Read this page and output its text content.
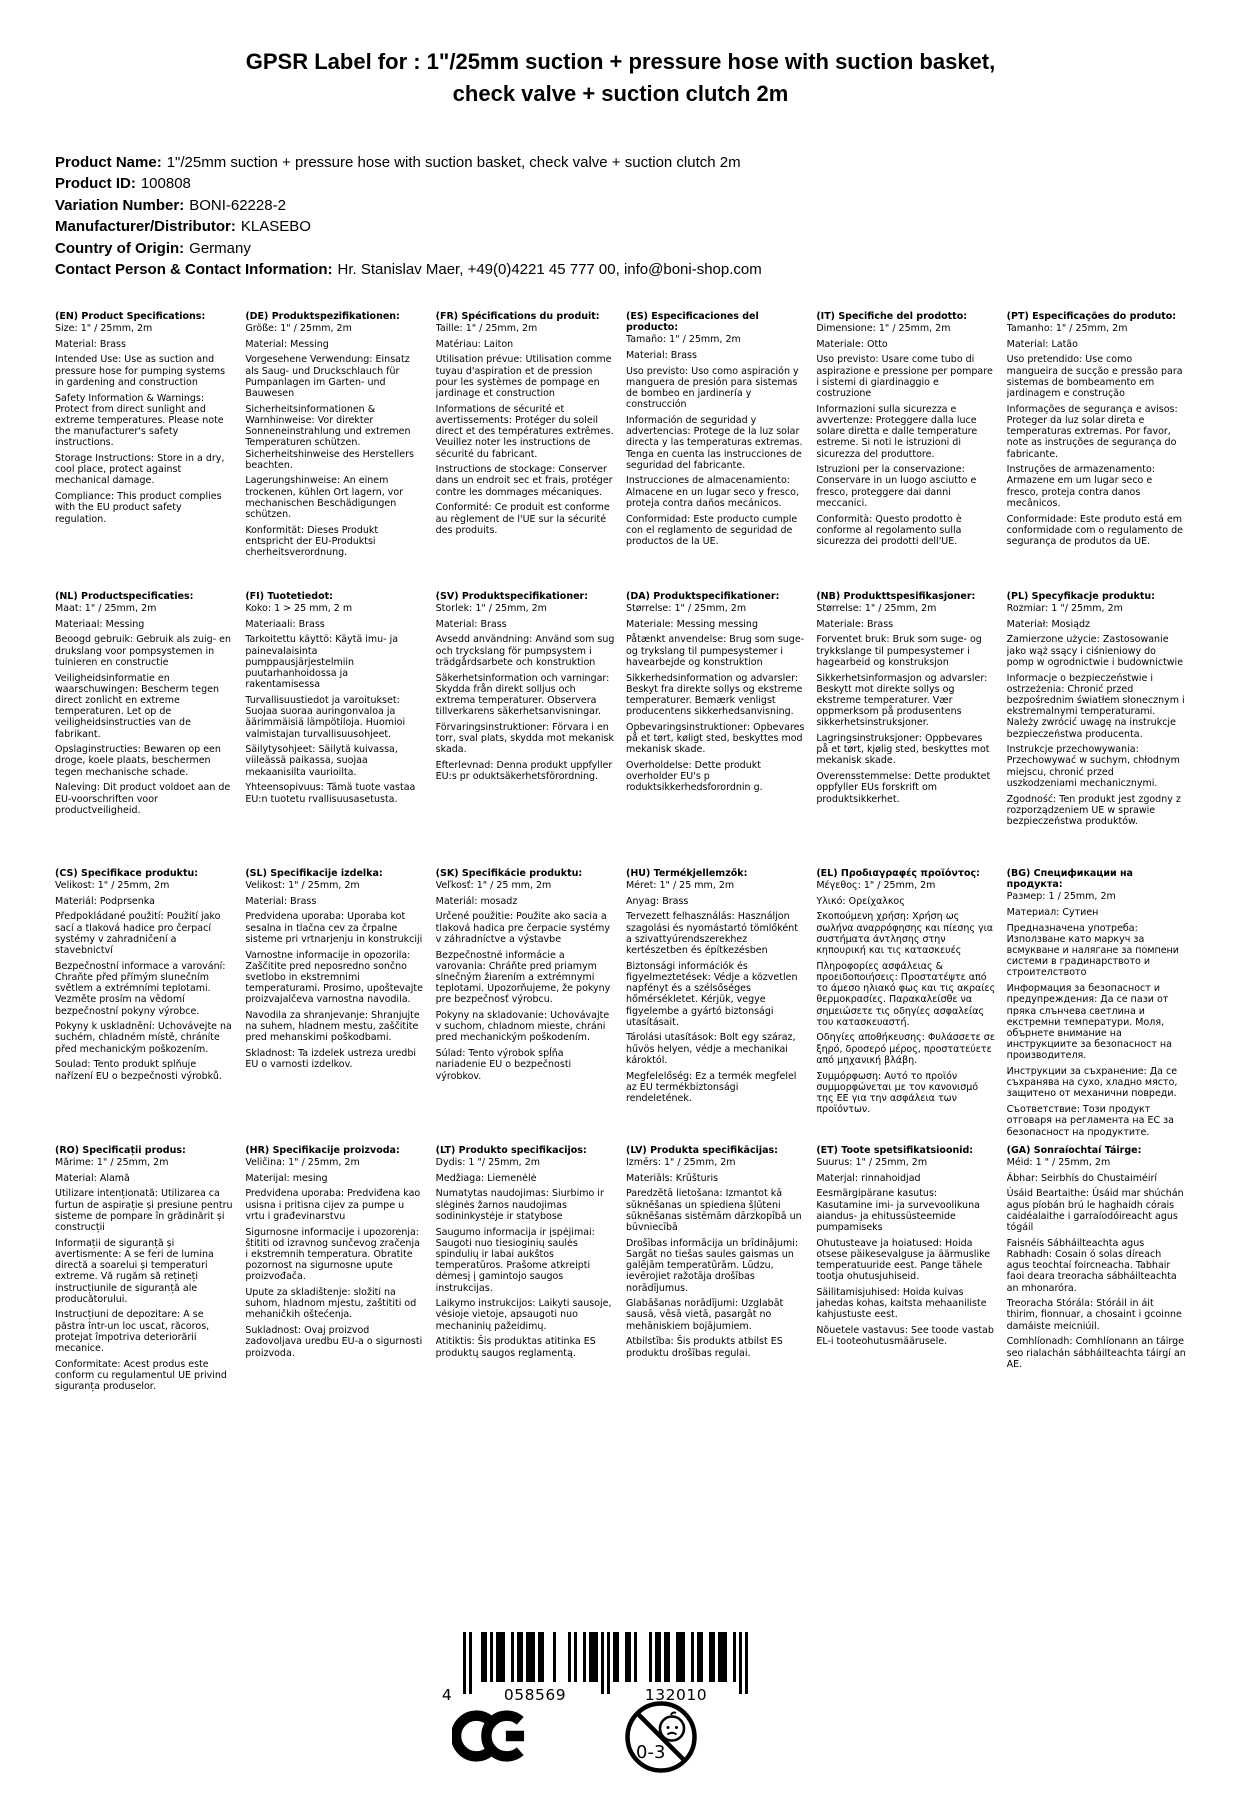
GPSR Label for : 1"/25mm suction + pressure hose with suction basket, check valve + suction clutch 2m
Product Name: 1"/25mm suction + pressure hose with suction basket, check valve + suction clutch 2m
Product ID: 100808
Variation Number: BONI-62228-2
Manufacturer/Distributor: KLASEBO
Country of Origin: Germany
Contact Person & Contact Information: Hr. Stanislav Maer, +49(0)4221 45 777 00, info@boni-shop.com
(EN) Product Specifications:

Size: 1" / 25mm, 2m

Material: Brass

Intended Use: Use as suction and pressure hose for pumping systems in gardening and construction

Safety Information & Warnings: Protect from direct sunlight and extreme temperatures. Please note the manufacturer's safety instructions.

Storage Instructions: Store in a dry, cool place, protect against mechanical damage.

Compliance: This product complies with the EU product safety regulation.

(DE) Produktspezifikationen:

Größe: 1" / 25mm, 2m

Material: Messing

Vorgesehene Verwendung: Einsatz als Saug- und Druckschlauch für Pumpanlagen im Garten- und Bauwesen

Sicherheitsinformationen & Warnhinweise: Vor direkter Sonneneinstrahlung und extremen Temperaturen schützen. Sicherheitshinweise des Herstellers beachten.

Lagerungshinweise: An einem trockenen, kühlen Ort lagern, vor mechanischen Beschädigungen schützen.

Konformität: Dieses Produkt entspricht der EU-Produktsi cherheitsverordnung.

(FR) Spécifications du produit:

Taille: 1" / 25mm, 2m

Matériau: Laiton

Utilisation prévue: Utilisation comme tuyau d'aspiration et de pression pour les systèmes de pompage en jardinage et construction

Informations de sécurité et avertissements: Protéger du soleil direct et des températures extrêmes. Veuillez noter les instructions de sécurité du fabricant.

Instructions de stockage: Conserver dans un endroit sec et frais, protéger contre les dommages mécaniques.

Conformité: Ce produit est conforme au règlement de l'UE sur la sécurité des produits.

(ES) Especificaciones del producto:

Tamaño: 1" / 25mm, 2m

Material: Brass

Uso previsto: Uso como aspiración y manguera de presión para sistemas de bombeo en jardinería y construcción

Información de seguridad y advertencias: Protege de la luz solar directa y las temperaturas extremas. Tenga en cuenta las instrucciones de seguridad del fabricante.

Instrucciones de almacenamiento: Almacene en un lugar seco y fresco, proteja contra daños mecánicos.

Conformidad: Este producto cumple con el reglamento de seguridad de productos de la UE.

(IT) Specifiche del prodotto:

Dimensione: 1" / 25mm, 2m

Materiale: Otto

Uso previsto: Usare come tubo di aspirazione e pressione per pompare i sistemi di giardinaggio e costruzione

Informazioni sulla sicurezza e avvertenze: Proteggere dalla luce solare diretta e dalle temperature estreme. Si noti le istruzioni di sicurezza del produttore.

Istruzioni per la conservazione: Conservare in un luogo asciutto e fresco, proteggere dai danni meccanici.

Conformità: Questo prodotto è conforme al regolamento sulla sicurezza dei prodotti dell'UE.

(PT) Especificações do produto:

Tamanho: 1" / 25mm, 2m

Material: Latão

Uso pretendido: Use como mangueira de sucção e pressão para sistemas de bombeamento em jardinagem e construção

Informações de segurança e avisos: Proteger da luz solar direta e temperaturas extremas. Por favor, note as instruções de segurança do fabricante.

Instruções de armazenamento: Armazene em um lugar seco e fresco, proteja contra danos mecânicos.

Conformidade: Este produto está em conformidade com o regulamento de segurança de produtos da UE.

(NL) Productspecificaties:

Maat: 1" / 25mm, 2m

Materiaal: Messing

Beoogd gebruik: Gebruik als zuig- en drukslang voor pompsystemen in tuinieren en constructie

Veiligheidsinformatie en waarschuwingen: Bescherm tegen direct zonlicht en extreme temperaturen. Let op de veiligheidsinstructies van de fabrikant.

Opslaginstructies: Bewaren op een droge, koele plaats, beschermen tegen mechanische schade.

Naleving: Dit product voldoet aan de EU-voorschriften voor productveiligheid.

(FI) Tuotetiedot:

Koko: 1 > 25 mm, 2 m

Materiaali: Brass

Tarkoitettu käyttö: Käytä imu- ja painevalaisinta pumppausjärjestelmiin puutarhanhoidossa ja rakentamisessa

Turvallisuustiedot ja varoitukset: Suojaa suoraa auringonvaloa ja äärimmäisiä lämpötiloja. Huomioi valmistajan turvallisuusohjeet.

Säilytysohjeet: Säilytä kuivassa, viileässä paikassa, suojaa mekaanisilta vaurioilta.

Yhteensopivuus: Tämä tuote vastaa EU:n tuotetu rvallisuusasetusta.

(SV) Produktspecifikationer:

Storlek: 1" / 25mm, 2m

Material: Brass

Avsedd användning: Använd som sug och tryckslang för pumpsystem i trädgårdsarbete och konstruktion

Säkerhetsinformation och varningar: Skydda från direkt solljus och extrema temperaturer. Observera tillverkarens säkerhetsanvisningar.

Förvaringsinstruktioner: Förvara i en torr, sval plats, skydda mot mekanisk skada.

Efterlevnad: Denna produkt uppfyller EU:s pr oduktsäkerhetsförordning.

(DA) Produktspecifikationer:

Størrelse: 1" / 25mm, 2m

Materiale: Messing messing

Påtænkt anvendelse: Brug som suge- og trykslang til pumpesystemer i havearbejde og konstruktion

Sikkerhedsinformation og advarsler: Beskyt fra direkte sollys og ekstreme temperaturer. Bemærk venligst producentens sikkerhedsanvisning.

Opbevaringsinstruktioner: Opbevares på et tørt, køligt sted, beskyttes mod mekanisk skade.

Overholdelse: Dette produkt overholder EU's p roduktsikkerhedsforordnin g.

(NB) Produkttspesifikasjoner:

Størrelse: 1" / 25mm, 2m

Materiale: Brass

Forventet bruk: Bruk som suge- og trykkslange til pumpesystemer i hagearbeid og konstruksjon

Sikkerhetsinformasjon og advarsler: Beskytt mot direkte sollys og ekstreme temperaturer. Vær oppmerksom på produsentens sikkerhetsinstruksjoner.

Lagringsinstruksjoner: Oppbevares på et tørt, kjølig sted, beskyttes mot mekanisk skade.

Overensstemmelse: Dette produktet oppfyller EUs forskrift om produktsikkerhet.

(PL) Specyfikacje produktu:

Rozmiar: 1 "/ 25mm, 2m

Materiał: Mosiądz

Zamierzone użycie: Zastosowanie jako wąż ssący i ciśnieniowy do pomp w ogrodnictwie i budownictwie

Informacje o bezpieczeństwie i ostrzeżenia: Chronić przed bezpośrednim światłem słonecznym i ekstremalnymi temperaturami. Należy zwrócić uwagę na instrukcje bezpieczeństwa producenta.

Instrukcje przechowywania: Przechowywać w suchym, chłodnym miejscu, chronić przed uszkodzeniami mechanicznymi.

Zgodność: Ten produkt jest zgodny z rozporządzeniem UE w sprawie bezpieczeństwa produktów.

(CS) Specifikace produktu:

Velikost: 1" / 25mm, 2m

Materiál: Podprsenka

Předpokládané použití: Použití jako sací a tlaková hadice pro čerpací systémy v zahradničení a stavebnictví

Bezpečnostní informace a varování: Chraňte před přímým slunečním světlem a extrémními teplotami. Vezměte prosím na vědomí bezpečnostní pokyny výrobce.

Pokyny k uskladnění: Uchovávejte na suchém, chladném místě, chráníte před mechanickým poškozením.

Soulad: Tento produkt splňuje nařízení EU o bezpečnosti výrobků.

(SL) Specifikacije izdelka:

Velikost: 1" / 25mm, 2m

Material: Brass

Predvidena uporaba: Uporaba kot sesalna in tlačna cev za črpalne sisteme pri vrtnarjenju in konstrukciji

Varnostne informacije in opozorila: Zaščitite pred neposredno sončno svetlobo in ekstremnimi temperaturami. Prosimo, upoštevajte proizvajalčeva varnostna navodila.

Navodila za shranjevanje: Shranjujte na suhem, hladnem mestu, zaščitite pred mehanskimi poškodbami.

Skladnost: Ta izdelek ustreza uredbi EU o varnosti izdelkov.

(SK) Špecifikácie produktu:

Veľkosť: 1" / 25 mm, 2m

Materiál: mosadz

Určené použitie: Použite ako sacia a tlaková hadica pre čerpacie systémy v záhradníctve a výstavbe

Bezpečnostné informácie a varovania: Chráňte pred priamym slnečným žiarením a extrémnymi teplotami. Upozorňujeme, že pokyny pre bezpečnosť výrobcu.

Pokyny na skladovanie: Uchovávajte v suchom, chladnom mieste, chráni pred mechanickým poškodením.

Súlad: Tento výrobok spĺňa nariadenie EU o bezpečnosti výrobkov.

(HU) Termékjellemzők:

Méret: 1" / 25 mm, 2m

Anyag: Brass

Tervezett felhasználás: Használjon szagolási és nyomástartó tömlőként a szivattyúrendszerekhez kertészetben és építkezésben

Biztonsági információk és figyelmeztetések: Védje a közvetlen napfényt és a szélsőséges hőmérsékletet. Kérjük, vegye figyelembe a gyártó biztonsági utasításait.

Tárolási utasítások: Bolt egy száraz, hűvös helyen, védje a mechanikai károktól.

Megfelelőség: Ez a termék megfelel az EU termékbiztonsági rendeletének.

(EL) Προδιαγραφές προϊόντος:

Μέγεθος: 1" / 25mm, 2m

Υλικό: Ορείχαλκος

Σκοπούμενη χρήση: Χρήση ως σωλήνα αναρρόφησης και πίεσης για συστήματα άντλησης στην κηπουρική και τις κατασκευές

Πληροφορίες ασφάλειας & προειδοποιήσεις: Προστατέψτε από το άμεσο ηλιακό φως και τις ακραίες θερμοκρασίες. Παρακαλείσθε να σημειώσετε τις οδηγίες ασφαλείας του κατασκευαστή.

Οδηγίες αποθήκευσης: Φυλάσσετε σε ξηρό, δροσερό μέρος, προστατεύετε από μηχανική βλάβη.

Συμμόρφωση: Αυτό το προϊόν συμμορφώνεται με τον κανονισμό της ΕΕ για την ασφάλεια των προϊόντων.

(BG) Спецификации на продукта:

Размер: 1 / 25mm, 2m

Материал: Сутиен

Предназначена употреба: Използване като маркуч за всмукване и налягане за помпени системи в градинарството и строителството

Информация за безопасност и предупреждения: Да се пази от пряка слънчева светлина и екстремни температури. Моля, обърнете внимание на инструкциите за безопасност на производителя.

Инструкции за съхранение: Да се съхранява на сухо, хладно място, защитено от механични повреди.

Съответствие: Този продукт отговаря на регламента на ЕС за безопасност на продуктите.

(RO) Specificații produs:

Mărime: 1" / 25mm, 2m

Material: Alamă

Utilizare intenționată: Utilizarea ca furtun de aspirație și presiune pentru sisteme de pompare în grădinărit și construcții

Informații de siguranță și avertismente: A se feri de lumina directă a soarelui și temperaturi extreme. Vă rugăm să rețineți instrucțiunile de siguranță ale producătorului.

Instrucțiuni de depozitare: A se păstra într-un loc uscat, răcoros, protejat împotriva deteriorării mecanice.

Conformitate: Acest produs este conform cu regulamentul UE privind siguranța produselor.

(HR) Specifikacije proizvoda:

Veličina: 1" / 25mm, 2m

Materijal: mesing

Predviđena uporaba: Predviđena kao usisna i pritisna cijev za pumpe u vrtu i građevinarstvu

Sigurnosne informacije i upozorenja: štititi od izravnog sunčevog zračenja i ekstremnih temperatura. Obratite pozornost na sigurnosne upute proizvođača.

Upute za skladištenje: složiti na suhom, hladnom mjestu, zaštititi od mehaničkih oštećenja.

Sukladnost: Ovaj proizvod zadovoljava uredbu EU-a o sigurnosti proizvoda.

(LT) Produkto specifikacijos:

Dydis: 1 "/ 25mm, 2m

Medžiaga: Liemenėlė

Numatytas naudojimas: Siurbimo ir slėginės žarnos naudojimas sodininkystėje ir statybose

Saugumo informacija ir įspėjimai: Saugoti nuo tiesioginių saulės spindulių ir labai aukštos temperatūros. Prašome atkreipti dėmesį į gamintojo saugos instrukcijas.

Laikymo instrukcijos: Laikyti sausoje, vėsioje vietoje, apsaugoti nuo mechaninių pažeidimų.

Atitiktis: Šis produktas atitinka ES produktų saugos reglamentą.

(LV) Produkta specifikācijas:

Izmērs: 1" / 25mm, 2m

Materiāls: Krūšturis

Paredzētā lietošana: Izmantot kā sūknēšanas un spiediena šļūteni sūknēšanas sistēmām dārzkopībā un būvniecībā

Drošības informācija un brīdinājumi: Sargāt no tiešas saules gaismas un galējām temperatūrām. Lūdzu, ievērojiet ražotāja drošības norādījumus.

Glabāšanas norādījumi: Uzglabāt sausā, vēsā vietā, pasargāt no mehāniskiem bojājumiem.

Atbilstība: Šis produkts atbilst ES produktu drošības regulai.

(ET) Toote spetsifikatsioonid:

Suurus: 1" / 25mm, 2m

Materjal: rinnahoidjad

Eesmärgipärane kasutus: Kasutamine imi- ja survevoolikuna aiandus- ja ehitussüsteemide pumpamiseks

Ohutusteave ja hoiatused: Hoida otsese päikesevalguse ja äärmuslike temperatuuride eest. Pange tähele tootja ohutusjuhiseid.

Säilitamisjuhised: Hoida kuivas jahedas kohas, kaitsta mehaaniliste kahjustuste eest.

Nõuetele vastavus: See toode vastab EL-i tooteohutusmäärusele.

(GA) Sonraíochtaí Táirge:

Méid: 1 " / 25mm, 2m

Ábhar: Seirbhís do Chustaiméirí

Úsáid Beartaithe: Úsáid mar shúchán agus píobán brú le haghaidh córais caidéalaithe i garraíodóireacht agus tógáil

Faisnéis Sábháilteachta agus Rabhadh: Cosain ó solas díreach agus teochtaí foircneacha. Tabhair faoi deara treoracha sábháilteachta an mhonaróra.

Treoracha Stórála: Stóráil in áit thirim, fionnuar, a chosaint i gcoinne damáiste meicniúil.

Comhlíonadh: Comhlíonann an táirge seo rialachán sábháilteachta táirgí an AE.

4	058569	132010
0-3
